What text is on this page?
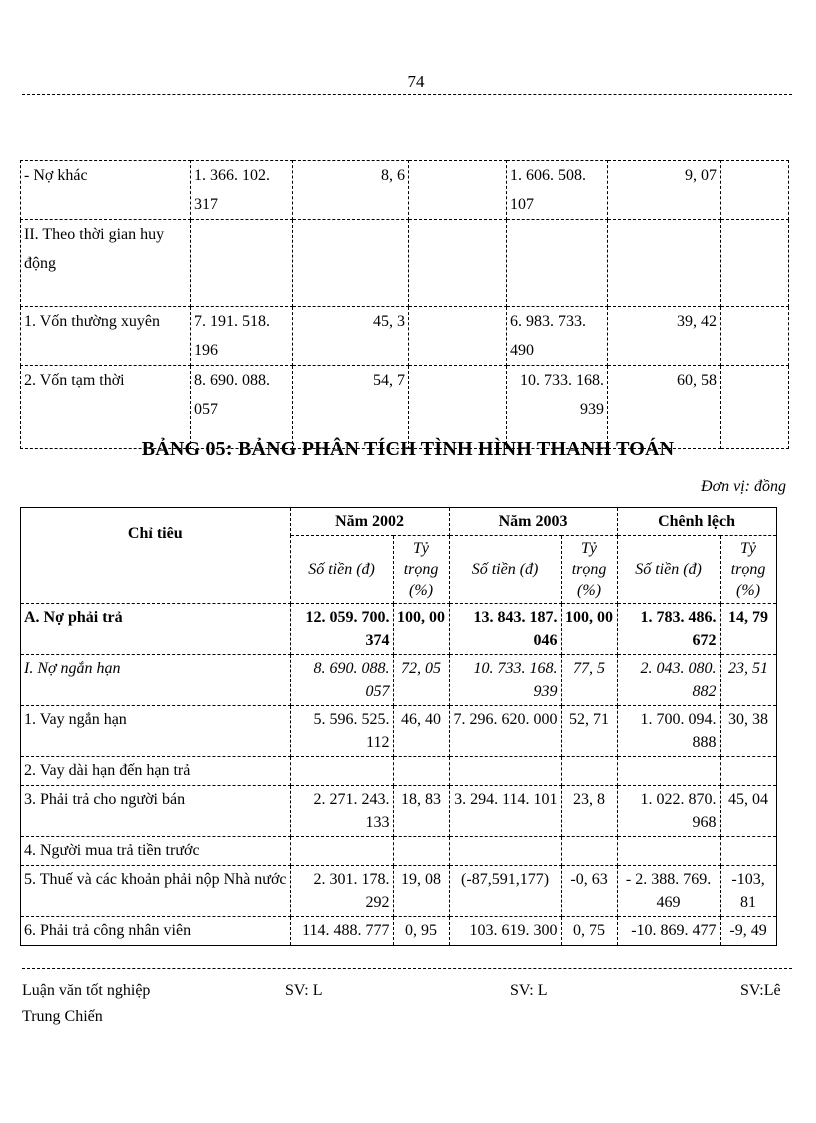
74
- Nợ khác	1. 366. 102. 317	8, 6		1. 606. 508. 107	9, 07	
II. Theo thời gian huy động						
1. Vốn thường xuyên	7. 191. 518. 196	45, 3		6. 983. 733. 490	39, 42	
2. Vốn tạm thời	8. 690. 088. 057	54, 7		10. 733. 168. 939	60, 58	
BẢNG 05: BẢNG PHÂN TÍCH TÌNH HÌNH THANH TOÁN
Đơn vị: đồng
Chỉ tiêu	Năm 2002		Năm 2003		Chênh lệch	
	Số tiền (đ)	Tỷ trọng (%)	Số tiền (đ)	Tỷ trọng (%)	Số tiền (đ)	Tỷ trọng (%)
A. Nợ phải trả	12. 059. 700. 374	100, 00	13. 843. 187. 046	100, 00	1. 783. 486. 672	14, 79
I. Nợ ngắn hạn	8. 690. 088. 057	72, 05	10. 733. 168. 939	77, 5	2. 043. 080. 882	23, 51
1. Vay ngắn hạn	5. 596. 525. 112	46, 40	7. 296. 620. 000	52, 71	1. 700. 094. 888	30, 38
2. Vay dài hạn đến hạn trả						
3. Phải trả cho người bán	2. 271. 243. 133	18, 83	3. 294. 114. 101	23, 8	1. 022. 870. 968	45, 04
4. Người mua trả tiền trước						
5. Thuế và các khoản phải nộp Nhà nước	2. 301. 178. 292	19, 08	(-87,591,177)	-0, 63	- 2. 388. 769. 469	-103, 81
6. Phải trả công nhân viên	114. 488. 777	0, 95	103. 619. 300	0, 75	-10. 869. 477	-9, 49
Luận văn tốt nghiệp Trung Chiến
SV: L	SV: L	SV:Lê
